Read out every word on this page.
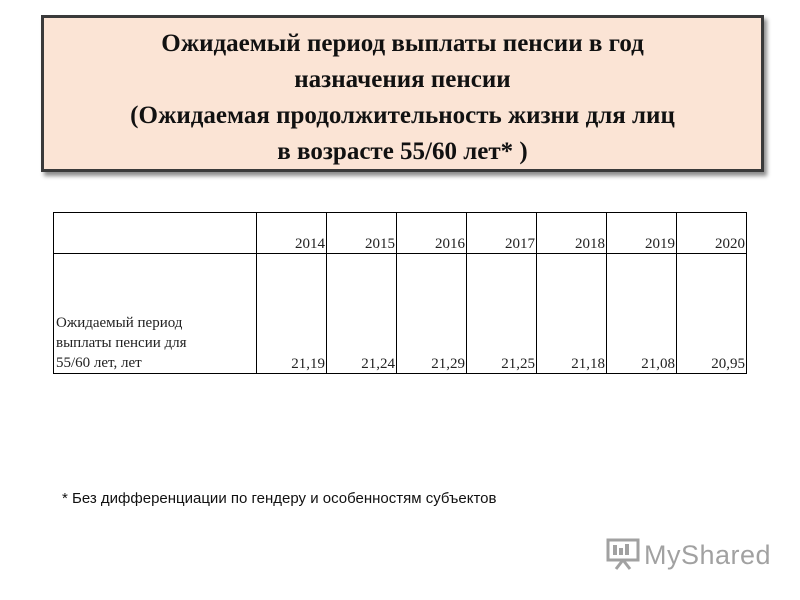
Ожидаемый период выплаты пенсии в год
назначения пенсии
(Ожидаемая продолжительность жизни для лиц
в возрасте 55/60 лет* )
	2014	2015	2016	2017	2018	2019	2020
Ожидаемый период
выплаты пенсии для
55/60 лет, лет	21,19	21,24	21,29	21,25	21,18	21,08	20,95
* Без дифференциации по гендеру и особенностям субъектов
MyShared
